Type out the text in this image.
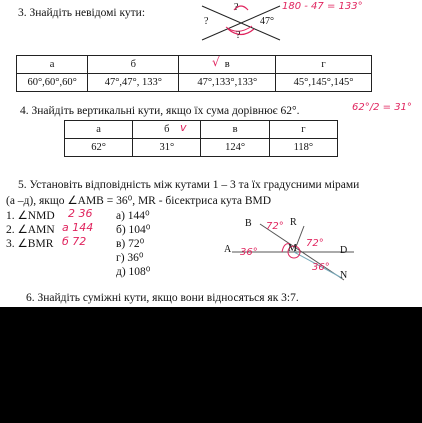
3. Знайдіть невідомі кути:
47°
?
?
?
180 - 47 = 133°
а	б	в	г
60°,60°,60°	47°,47°, 133°	47°,133°,133°	45°,145°,145°
√
4. Знайдіть вертикальні кути, якщо їх сума дорівнює 62°.	62°/2 = 31°
а	б	в	г
62°	31°	124°	118°
v
5. Установіть відповідність між кутами 1 – 3 та їх градусними мірами
(а –д), якщо ∠AMB = 36⁰, MR - бісектриса кута BMD
1. ∠NMD
2. ∠AMN
3. ∠BMR
2 36
а 144
б 72
а) 144⁰
б) 104⁰
в) 72⁰
г) 36⁰
д) 108⁰
B	R
A	M	D
N
72°
72°
36°
36°
6. Знайдіть суміжні кути, якщо вони відносяться як 3:7.
